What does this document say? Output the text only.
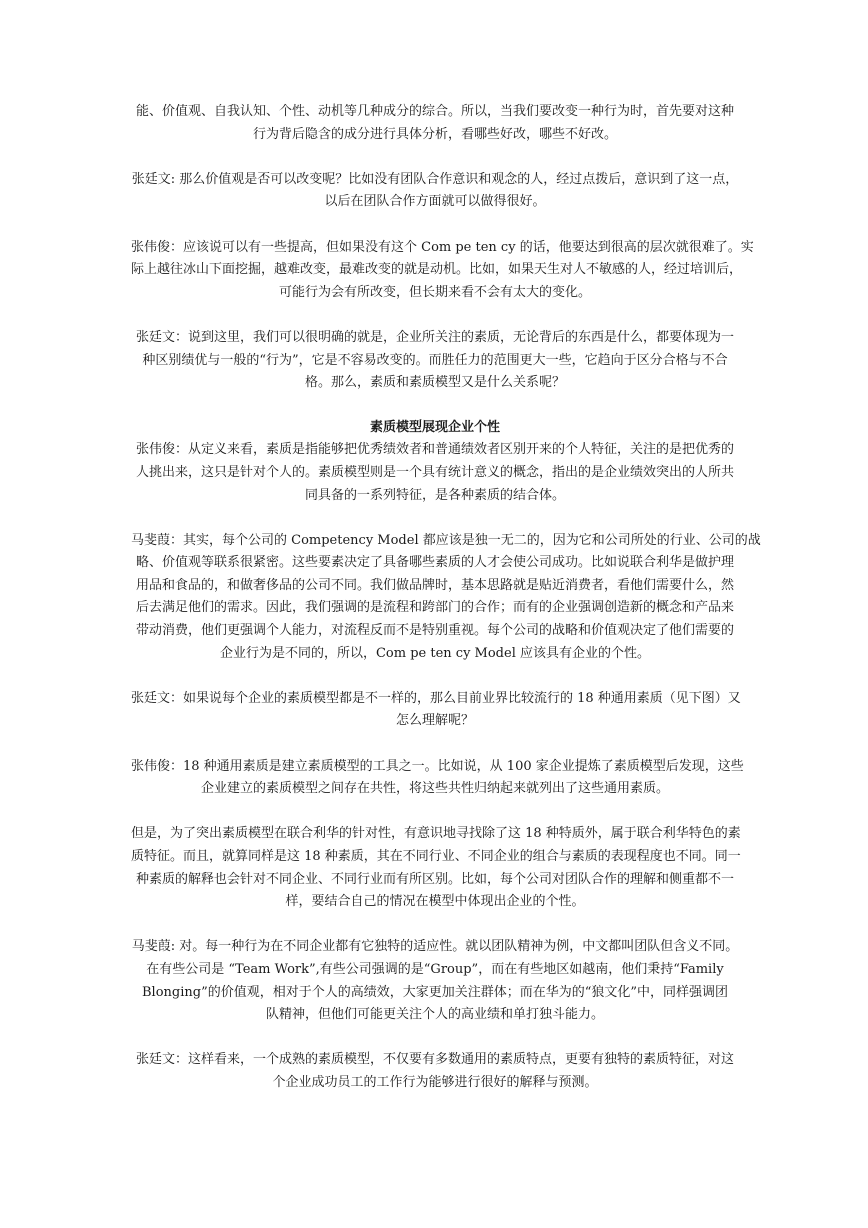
能、价值观、自我认知、个性、动机等几种成分的综合。所以，当我们要改变一种行为时，首先要对这种
行为背后隐含的成分进行具体分析，看哪些好改，哪些不好改。

张廷文: 那么价值观是否可以改变呢？比如没有团队合作意识和观念的人，经过点拨后，意识到了这一点，
以后在团队合作方面就可以做得很好。

张伟俊：应该说可以有一些提高，但如果没有这个 Com pe ten cy 的话，他要达到很高的层次就很难了。实
际上越往冰山下面挖掘，越难改变，最难改变的就是动机。比如，如果天生对人不敏感的人，经过培训后，
可能行为会有所改变，但长期来看不会有太大的变化。

张廷文：说到这里，我们可以很明确的就是，企业所关注的素质，无论背后的东西是什么，都要体现为一
种区别绩优与一般的“行为”，它是不容易改变的。而胜任力的范围更大一些，它趋向于区分合格与不合
格。那么，素质和素质模型又是什么关系呢？

素质模型展现企业个性

张伟俊：从定义来看，素质是指能够把优秀绩效者和普通绩效者区别开来的个人特征，关注的是把优秀的
人挑出来，这只是针对个人的。素质模型则是一个具有统计意义的概念，指出的是企业绩效突出的人所共
同具备的一系列特征，是各种素质的结合体。

马斐葭：其实，每个公司的 Competency Model 都应该是独一无二的，因为它和公司所处的行业、公司的战
略、价值观等联系很紧密。这些要素决定了具备哪些素质的人才会使公司成功。比如说联合利华是做护理
用品和食品的，和做奢侈品的公司不同。我们做品牌时，基本思路就是贴近消费者，看他们需要什么，然
后去满足他们的需求。因此，我们强调的是流程和跨部门的合作；而有的企业强调创造新的概念和产品来
带动消费，他们更强调个人能力，对流程反而不是特别重视。每个公司的战略和价值观决定了他们需要的
企业行为是不同的，所以，Com pe ten cy Model 应该具有企业的个性。

张廷文：如果说每个企业的素质模型都是不一样的，那么目前业界比较流行的 18 种通用素质（见下图）又
怎么理解呢？

张伟俊：18 种通用素质是建立素质模型的工具之一。比如说，从 100 家企业提炼了素质模型后发现，这些
企业建立的素质模型之间存在共性，将这些共性归纳起来就列出了这些通用素质。

但是，为了突出素质模型在联合利华的针对性，有意识地寻找除了这 18 种特质外，属于联合利华特色的素
质特征。而且，就算同样是这 18 种素质，其在不同行业、不同企业的组合与素质的表现程度也不同。同一
种素质的解释也会针对不同企业、不同行业而有所区别。比如，每个公司对团队合作的理解和侧重都不一
样，要结合自己的情况在模型中体现出企业的个性。

马斐葭: 对。每一种行为在不同企业都有它独特的适应性。就以团队精神为例，中文都叫团队但含义不同。
在有些公司是 “Team Work”,有些公司强调的是“Group”，而在有些地区如越南，他们秉持“Family
Blonging”的价值观，相对于个人的高绩效，大家更加关注群体；而在华为的“狼文化”中，同样强调团
队精神，但他们可能更关注个人的高业绩和单打独斗能力。

张廷文：这样看来，一个成熟的素质模型，不仅要有多数通用的素质特点，更要有独特的素质特征，对这
个企业成功员工的工作行为能够进行很好的解释与预测。
